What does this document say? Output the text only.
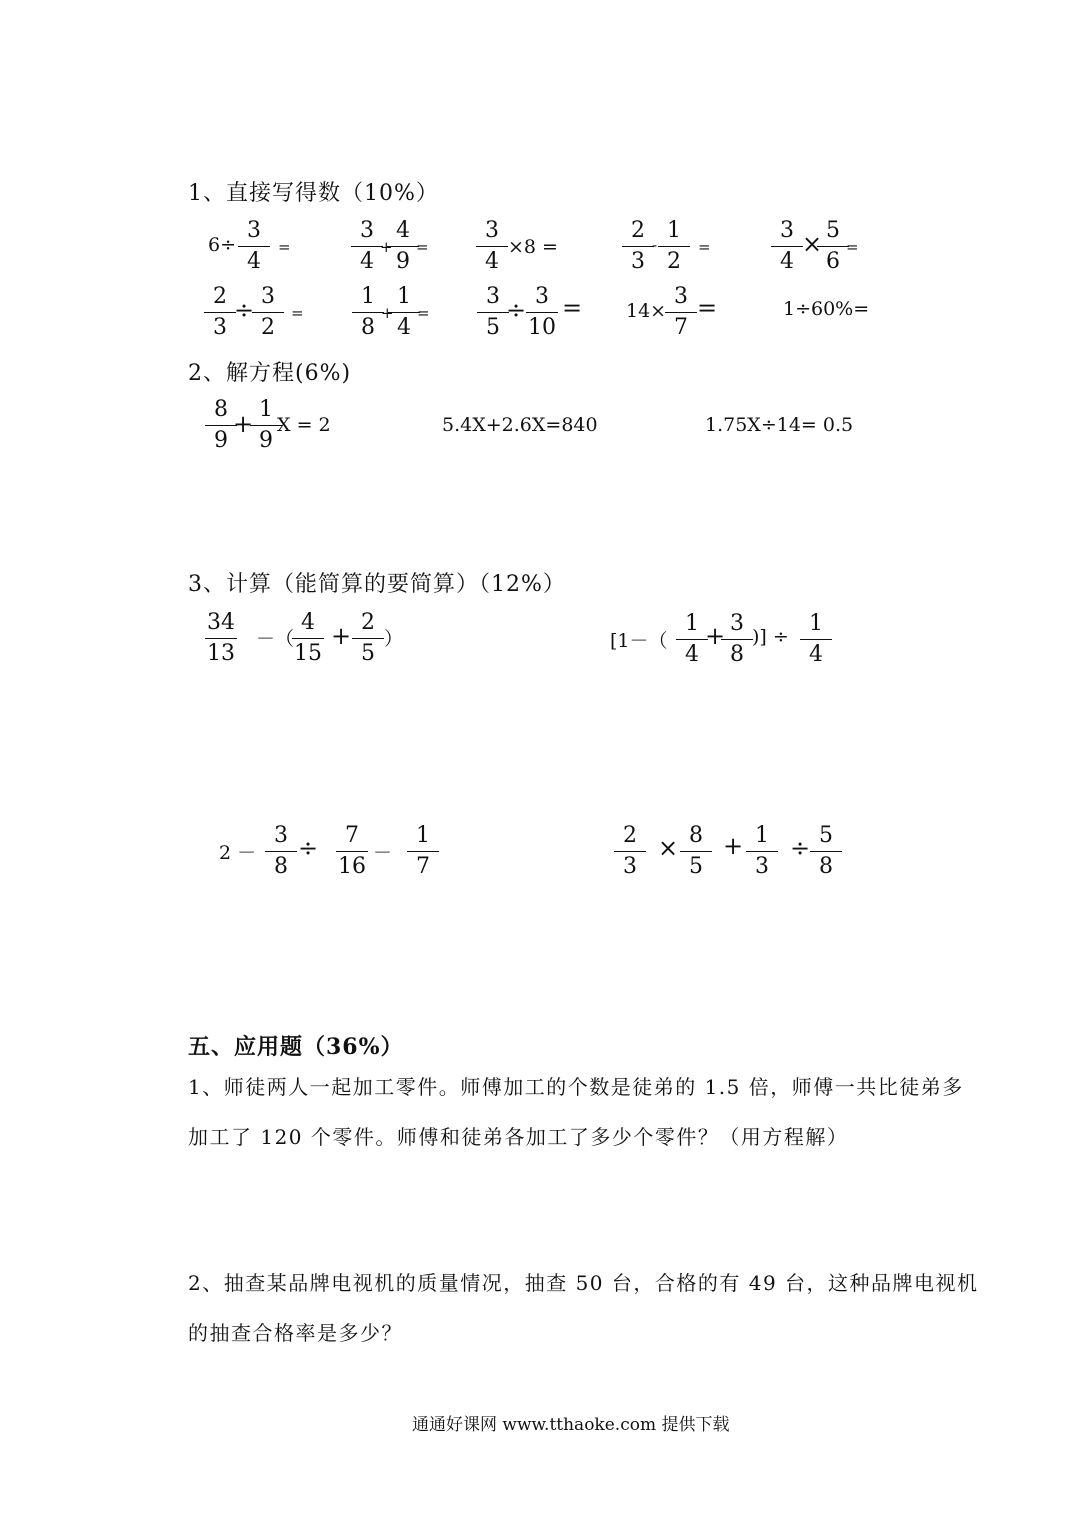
1、直接写得数（10%）
6÷
3
4
=
3
4
+
4
9
=
3
4
×8 =
2
3
-
1
2
=
3
4
× 5
6
=
2
3
÷ 3
2
=
1
8
+
1
4
=
3
5
÷ 3
10
= 14×
3
7
=	1÷60%=
2、解方程(6%)
8
9
+
1
9
X = 2	5.4X+2.6X=840	1.75X÷14= 0.5
3、计算（能简算的要简算）（12%）
34
13
－（
4
15
+ 2
5
）	[1－（
1
4
+ 3
8
)] ÷
1
4
2 －
3
8
÷	7
16
－
1
7
2
3
× 8
5
+ 1
3
÷ 5
8
五、应用题（36%）
1、师徒两人一起加工零件。师傅加工的个数是徒弟的 1.5 倍，师傅一共比徒弟多
加工了 120 个零件。师傅和徒弟各加工了多少个零件？（用方程解）
2、抽查某品牌电视机的质量情况，抽查 50 台，合格的有 49 台，这种品牌电视机
的抽查合格率是多少？
通通好课网 www.tthaoke.com 提供下载
